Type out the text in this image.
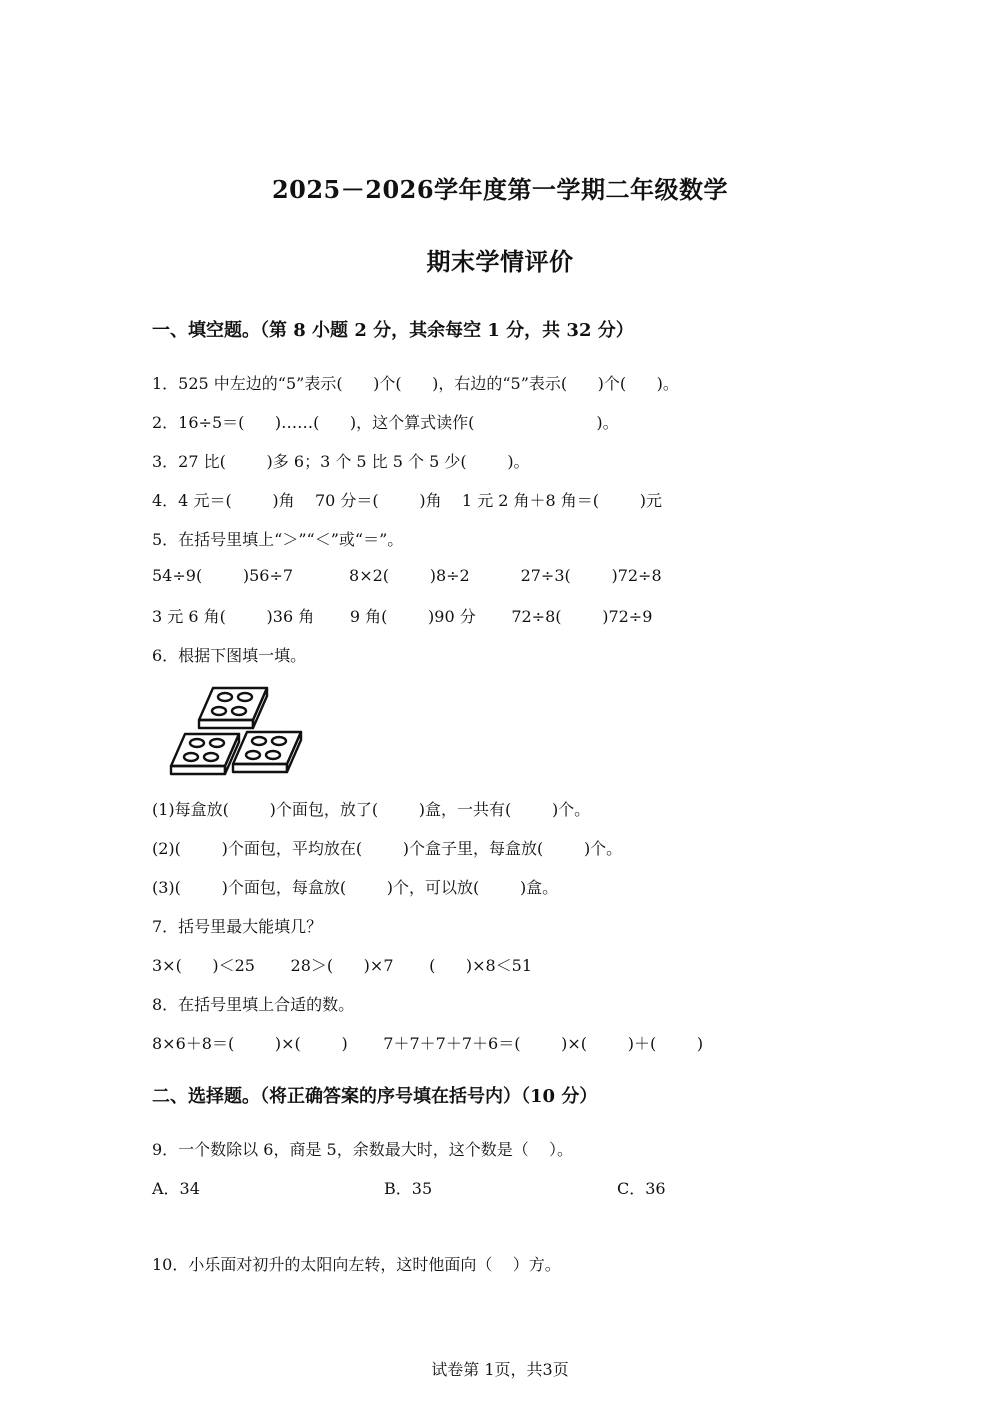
2025－2026学年度第一学期二年级数学
期末学情评价
一、填空题。（第 8 小题 2 分，其余每空 1 分，共 32 分）
1．525 中左边的“5”表示(      )个(      )，右边的“5”表示(      )个(      )。
2．16÷5＝(      )……(      )，这个算式读作(                        )。
3．27 比(        )多 6；3 个 5 比 5 个 5 少(        )。
4．4 元＝(        )角    70 分＝(        )角    1 元 2 角＋8 角＝(        )元
5．在括号里填上“＞”“＜”或“＝”。
54÷9(        )56÷7           8×2(        )8÷2          27÷3(        )72÷8
3 元 6 角(        )36 角       9 角(        )90 分       72÷8(        )72÷9
6．根据下图填一填。
(1)每盒放(        )个面包，放了(        )盒，一共有(        )个。
(2)(        )个面包，平均放在(        )个盒子里，每盒放(        )个。
(3)(        )个面包，每盒放(        )个，可以放(        )盒。
7．括号里最大能填几？
3×(      )＜25       28＞(      )×7       (      )×8＜51
8．在括号里填上合适的数。
8×6＋8＝(        )×(        )       7＋7＋7＋7＋6＝(        )×(        )＋(        )
二、选择题。（将正确答案的序号填在括号内）（10 分）
9．一个数除以 6，商是 5，余数最大时，这个数是（    ）。
A．34	B．35	C．36
10．小乐面对初升的太阳向左转，这时他面向（    ）方。
试卷第 1页，共3页
